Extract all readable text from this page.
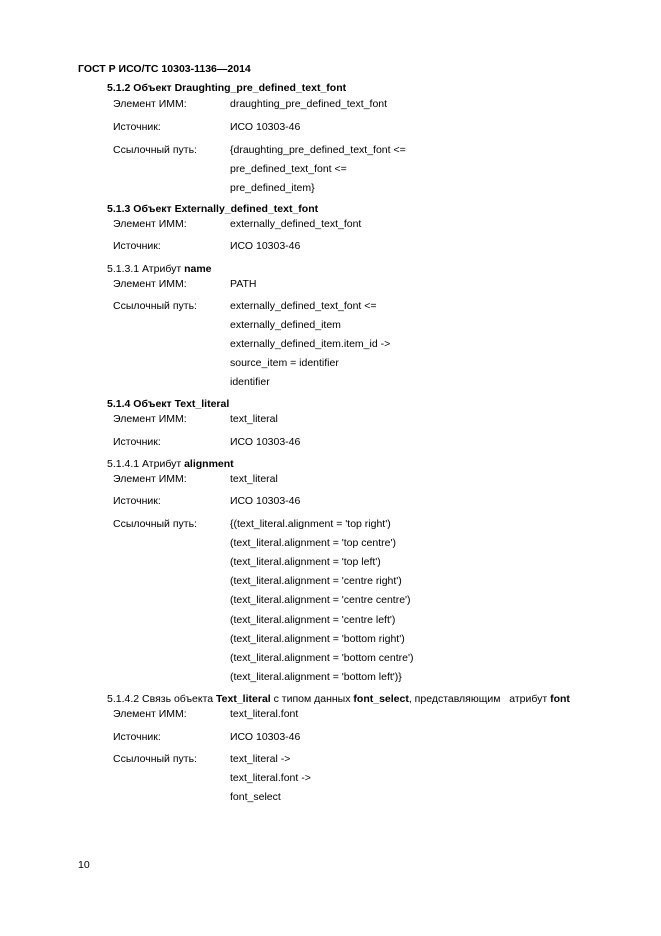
ГОСТ Р ИСО/ТС 10303-1136—2014
5.1.2 Объект Draughting_pre_defined_text_font
Элемент ИММ:	draughting_pre_defined_text_font
Источник:	ИСО 10303-46
Ссылочный путь:	{draughting_pre_defined_text_font <=
pre_defined_text_font <=
pre_defined_item}
5.1.3 Объект Externally_defined_text_font
Элемент ИММ:	externally_defined_text_font
Источник:	ИСО 10303-46
5.1.3.1 Атрибут name
Элемент ИММ:	PATH
Ссылочный путь:	externally_defined_text_font <=
externally_defined_item
externally_defined_item.item_id ->
source_item = identifier
identifier
5.1.4 Объект Text_literal
Элемент ИММ:	text_literal
Источник:	ИСО 10303-46
5.1.4.1 Атрибут alignment
Элемент ИММ:	text_literal
Источник:	ИСО 10303-46
Ссылочный путь:	{(text_literal.alignment = 'top right')
(text_literal.alignment = 'top centre')
(text_literal.alignment = 'top left')
(text_literal.alignment = 'centre right')
(text_literal.alignment = 'centre centre')
(text_literal.alignment = 'centre left')
(text_literal.alignment = 'bottom right')
(text_literal.alignment = 'bottom centre')
(text_literal.alignment = 'bottom left')}
5.1.4.2 Связь объекта Text_literal с типом данных font_select, представляющим   атрибут font
Элемент ИММ:	text_literal.font
Источник:	ИСО 10303-46
Ссылочный путь:	text_literal ->
text_literal.font ->
font_select
10
